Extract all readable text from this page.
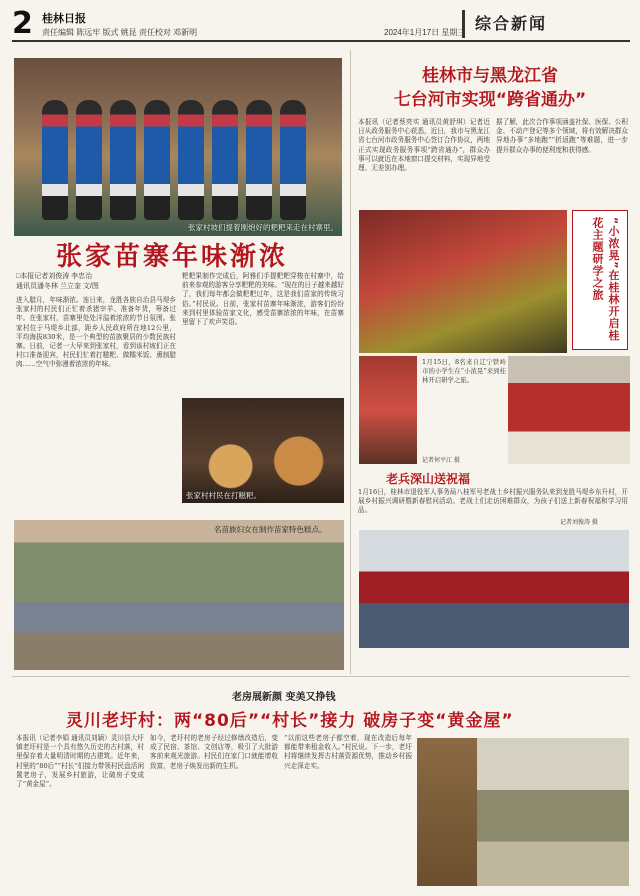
2 桂林日报
责任编辑 陈远牢 版式 姚昆 责任校对 邓新明	2024年1月17日 星期三 综合新闻
张家村坡们提着刚炮好的粑粑来走在村寨里。
张家苗寨年味渐浓
□本报记者刘俊涛 李忠治
通讯员潘冬林 兰立奎 文/图
进入腊月，年味渐浓。连日来，龙胜各族自治县马堤乡张家村的村民们正忙着杀猪宰羊、准备年货，筹备过年。在张家村，苗寨里处处洋溢着浓浓的节日氛围。张家村位于马堤乡北部，距乡人民政府所在地12公里，平均海拔830米，是一个典型的苗族聚居的少数民族村寨。日前，记者一大早来到张家村，看到该村坡们正在村口准备迎宾，村民们忙着打糍粑、做糯米饭、熏制腊肉……空气中弥漫着浓浓的年味。
粑粑果制作完成后，阿雅们手提粑粑穿梭在村寨中，给前来参观的游客分享粑粑的美味。“现在的日子越来越好了，我们每年都会做粑粑过年，这是我们苗家的传统习俗。”村民说。日前，张家村苗寨年味渐浓，游客们纷纷来到村里体验苗家文化，感受苗寨浓浓的年味，在苗寨里留下了欢声笑语。
张家村村民在打糍粑。
名苗族妇女在制作苗家特色糕点。
桂林市与黑龙江省
七台河市实现“跨省通办”
本报讯（记者蔡亮实 通讯员黄舒琪）记者近日从政务服务中心获悉，近日，我市与黑龙江省七台河市政务服务中心签订合作协议，两地正式实现政务服务事项“跨省通办”，群众办事可以就近在本地窗口提交材料，实现异地受理、无差别办理。
据了解，此次合作事项涵盖社保、医保、公积金、不动产登记等多个领域，将有效解决群众异地办事“多地跑”“折返跑”等难题，进一步提升群众办事的便利度和获得感。
“小浓晃”在桂林开启桂花主题研学之旅
1月15日，8名来自辽宁铁岭市的小学生在“小浓晃”来到桂林开启研学之旅。
记者何平江 摄
老兵深山送祝福
1月16日，桂林市退役军人事务局八桂军号老战士乡村振兴服务队来到龙胜马堤乡东升村，开展乡村振兴调研暨新春慰问活动。老战士们走访困难群众，为孩子们送上新春祝福和学习用品。
记者刘俊涛 摄
老房展新颜 变美又挣钱
灵川老圩村：两“80后”“村长”接力 破房子变“黄金屋”
本报讯（记者李娟 通讯员刘颖）灵川县大圩镇老圩村是一个具有悠久历史的古村落，村里保存着大量明清时期的古建筑。近年来，村里的“80后”“村长”们接力带领村民盘活闲置老房子，发展乡村旅游，让破房子变成了“黄金屋”。
如今，老圩村的老房子经过修缮改造后，变成了民宿、茶馆、文创店等，吸引了大批游客前来观光旅游。村民们在家门口就能增收致富，老房子焕发出新的生机。
“以前这些老房子都空着，现在改造后每年都能带来租金收入。”村民说。下一步，老圩村将继续发挥古村落资源优势，推动乡村振兴走深走实。
